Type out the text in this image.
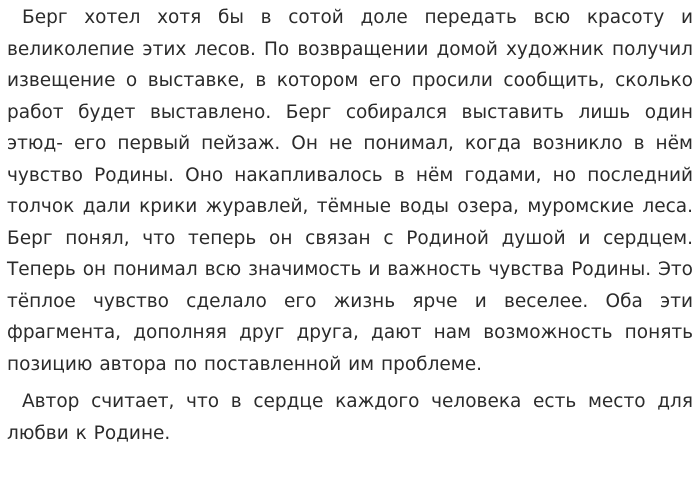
Берг хотел хотя бы в сотой доле передать всю красоту и великолепие этих лесов. По возвращении домой художник получил извещение о выставке, в котором его просили сообщить, сколько работ будет выставлено. Берг собирался выставить лишь один этюд- его первый пейзаж. Он не понимал, когда возникло в нём чувство Родины. Оно накапливалось в нём годами, но последний толчок дали крики журавлей, тёмные воды озера, муромские леса. Берг понял, что теперь он связан с Родиной душой и сердцем. Теперь он понимал всю значимость и важность чувства Родины. Это тёплое чувство сделало его жизнь ярче и веселее. Оба эти фрагмента, дополняя друг друга, дают нам возможность понять позицию автора по поставленной им проблеме.

Автор считает, что в сердце каждого человека есть место для любви к Родине.
